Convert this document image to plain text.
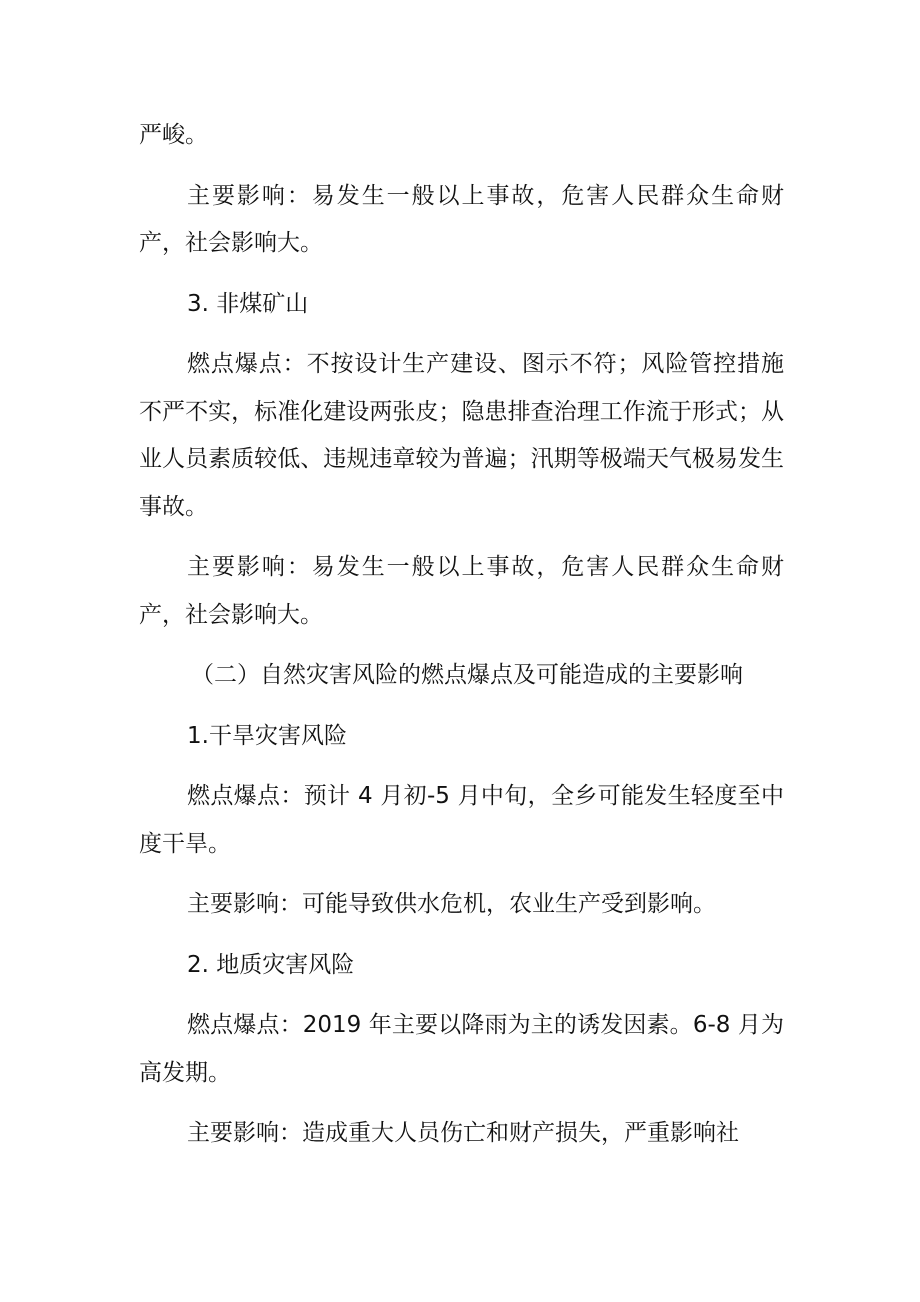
严峻。

主要影响：易发生一般以上事故，危害人民群众生命财产，社会影响大。

3. 非煤矿山

燃点爆点：不按设计生产建设、图示不符；风险管控措施不严不实，标准化建设两张皮；隐患排查治理工作流于形式；从业人员素质较低、违规违章较为普遍；汛期等极端天气极易发生事故。

主要影响：易发生一般以上事故，危害人民群众生命财产，社会影响大。

（二）自然灾害风险的燃点爆点及可能造成的主要影响

1.干旱灾害风险

燃点爆点：预计 4 月初-5 月中旬，全乡可能发生轻度至中度干旱。

主要影响：可能导致供水危机，农业生产受到影响。

2. 地质灾害风险

燃点爆点：2019 年主要以降雨为主的诱发因素。6-8 月为高发期。

主要影响：造成重大人员伤亡和财产损失，严重影响社
